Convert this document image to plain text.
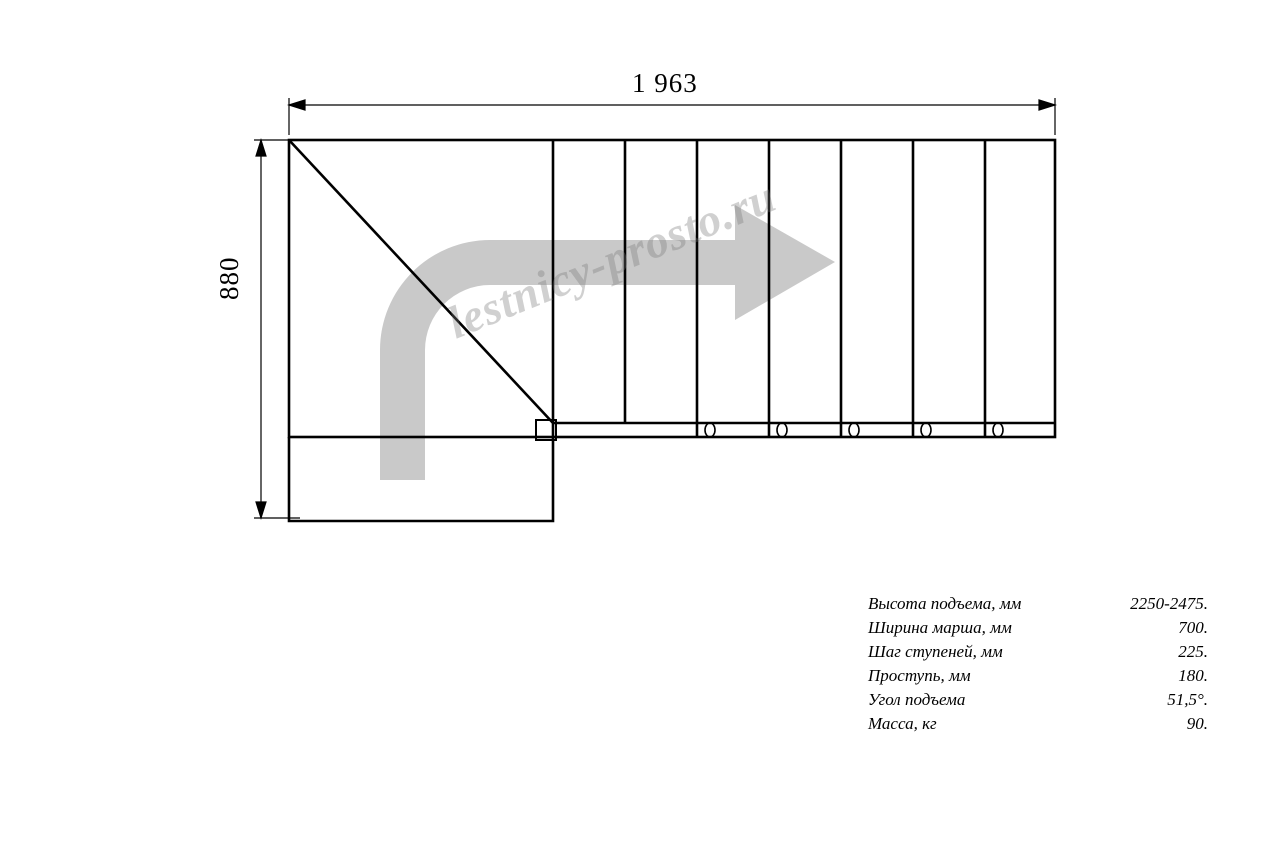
1 963
880	lestnicy-prosto.ru
Высота подъема, мм	2250-2475.
Ширина марша, мм	700.
Шаг ступеней, мм	225.
Проступь, мм	180.
Угол подъема	51,5°.
Масса, кг	90.
